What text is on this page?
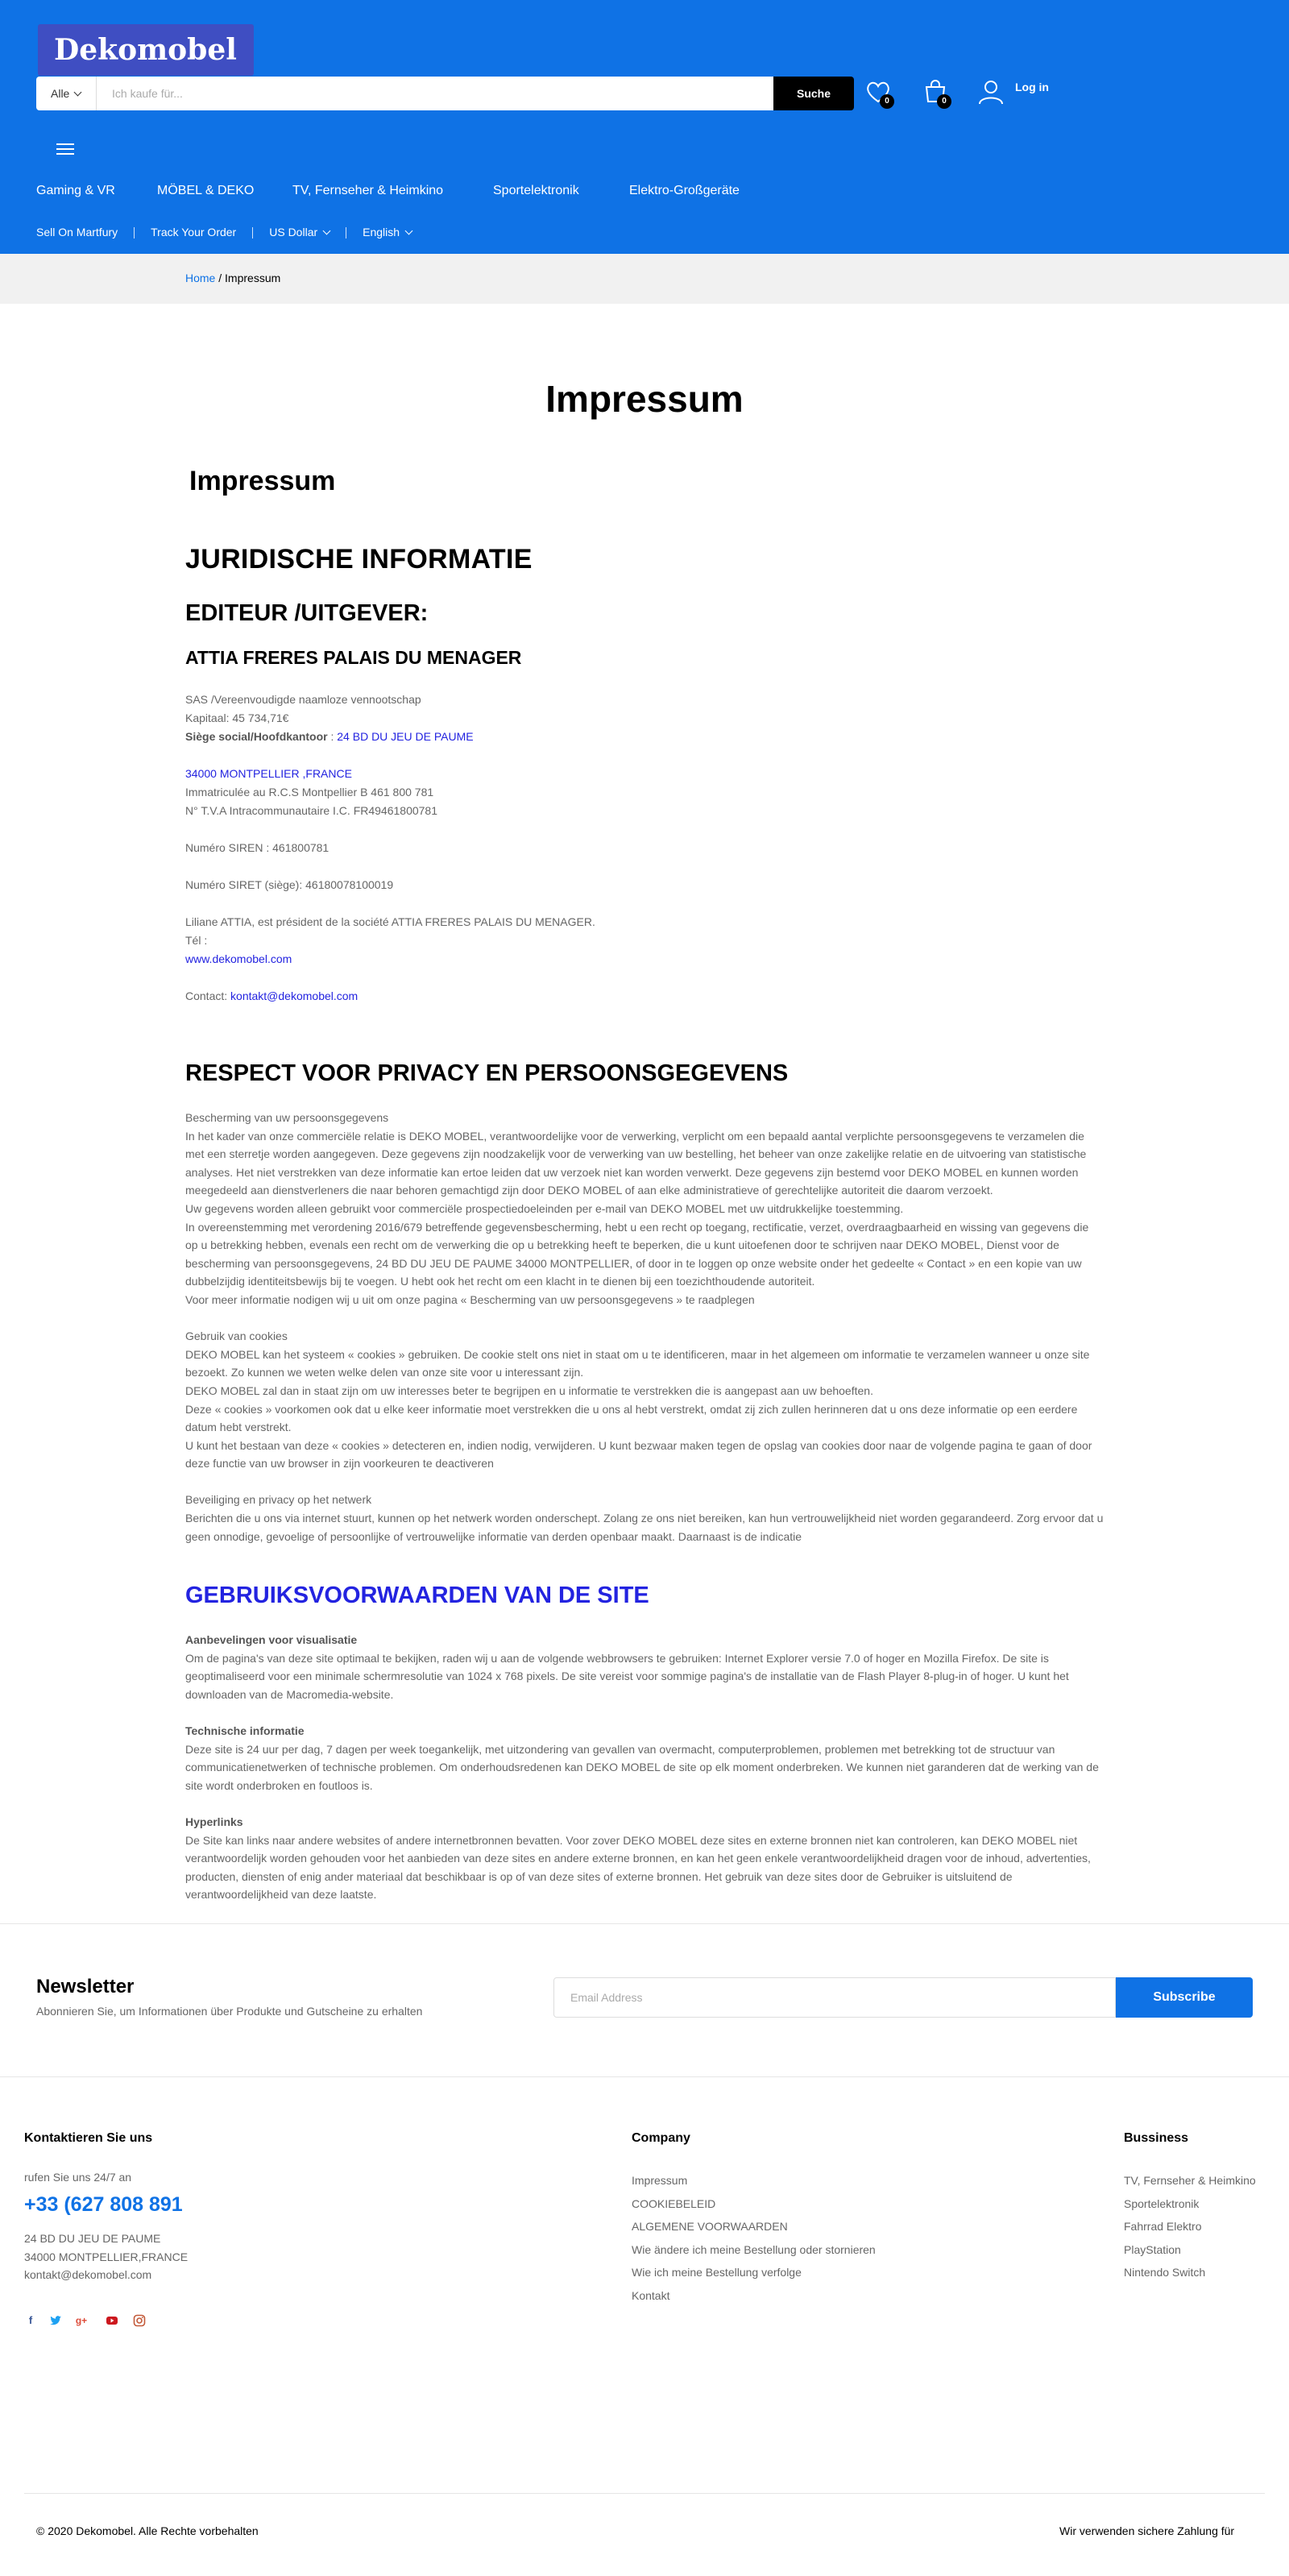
Dekomobel
Alle
Ich kaufe für...	Suche
0	0
Log in
Gaming & VR	MÖBEL & DEKO	TV, Fernseher & Heimkino	Sportelektronik	Elektro-Großgeräte
Sell On Martfury	Track Your Order	US Dollar	English
Home / Impressum
Impressum
Impressum
JURIDISCHE INFORMATIE
EDITEUR /UITGEVER:
ATTIA FRERES PALAIS DU MENAGER
SAS /Vereenvoudigde naamloze vennootschap
Kapitaal: 45 734,71€
Siège social/Hoofdkantoor : 24 BD DU JEU DE PAUME
34000 MONTPELLIER ,FRANCE
Immatriculée au R.C.S Montpellier B 461 800 781
N° T.V.A Intracommunautaire I.C. FR49461800781
Numéro SIREN : 461800781
Numéro SIRET (siège): 46180078100019
Liliane ATTIA, est président de la société ATTIA FRERES PALAIS DU MENAGER.
Tél :
www.dekomobel.com
Contact: kontakt@dekomobel.com
RESPECT VOOR PRIVACY EN PERSOONSGEGEVENS
Bescherming van uw persoonsgegevens
In het kader van onze commerciële relatie is DEKO MOBEL, verantwoordelijke voor de verwerking, verplicht om een bepaald aantal verplichte persoonsgegevens te verzamelen die met een sterretje worden aangegeven. Deze gegevens zijn noodzakelijk voor de verwerking van uw bestelling, het beheer van onze zakelijke relatie en de uitvoering van statistische analyses. Het niet verstrekken van deze informatie kan ertoe leiden dat uw verzoek niet kan worden verwerkt. Deze gegevens zijn bestemd voor DEKO MOBEL en kunnen worden meegedeeld aan dienstverleners die naar behoren gemachtigd zijn door DEKO MOBEL of aan elke administratieve of gerechtelijke autoriteit die daarom verzoekt.
Uw gegevens worden alleen gebruikt voor commerciële prospectiedoeleinden per e-mail van DEKO MOBEL met uw uitdrukkelijke toestemming.
In overeenstemming met verordening 2016/679 betreffende gegevensbescherming, hebt u een recht op toegang, rectificatie, verzet, overdraagbaarheid en wissing van gegevens die op u betrekking hebben, evenals een recht om de verwerking die op u betrekking heeft te beperken, die u kunt uitoefenen door te schrijven naar DEKO MOBEL, Dienst voor de bescherming van persoonsgegevens, 24 BD DU JEU DE PAUME 34000 MONTPELLIER, of door in te loggen op onze website onder het gedeelte « Contact » en een kopie van uw dubbelzijdig identiteitsbewijs bij te voegen. U hebt ook het recht om een klacht in te dienen bij een toezichthoudende autoriteit.
Voor meer informatie nodigen wij u uit om onze pagina « Bescherming van uw persoonsgegevens » te raadplegen
Gebruik van cookies
DEKO MOBEL kan het systeem « cookies » gebruiken. De cookie stelt ons niet in staat om u te identificeren, maar in het algemeen om informatie te verzamelen wanneer u onze site bezoekt. Zo kunnen we weten welke delen van onze site voor u interessant zijn.
DEKO MOBEL zal dan in staat zijn om uw interesses beter te begrijpen en u informatie te verstrekken die is aangepast aan uw behoeften.
Deze « cookies » voorkomen ook dat u elke keer informatie moet verstrekken die u ons al hebt verstrekt, omdat zij zich zullen herinneren dat u ons deze informatie op een eerdere datum hebt verstrekt.
U kunt het bestaan van deze « cookies » detecteren en, indien nodig, verwijderen. U kunt bezwaar maken tegen de opslag van cookies door naar de volgende pagina te gaan of door deze functie van uw browser in zijn voorkeuren te deactiveren
Beveiliging en privacy op het netwerk
Berichten die u ons via internet stuurt, kunnen op het netwerk worden onderschept. Zolang ze ons niet bereiken, kan hun vertrouwelijkheid niet worden gegarandeerd. Zorg ervoor dat u geen onnodige, gevoelige of persoonlijke of vertrouwelijke informatie van derden openbaar maakt. Daarnaast is de indicatie
GEBRUIKSVOORWAARDEN VAN DE SITE
Aanbevelingen voor visualisatie
Om de pagina's van deze site optimaal te bekijken, raden wij u aan de volgende webbrowsers te gebruiken: Internet Explorer versie 7.0 of hoger en Mozilla Firefox. De site is geoptimaliseerd voor een minimale schermresolutie van 1024 x 768 pixels. De site vereist voor sommige pagina's de installatie van de Flash Player 8-plug-in of hoger. U kunt het downloaden van de Macromedia-website.
Technische informatie
Deze site is 24 uur per dag, 7 dagen per week toegankelijk, met uitzondering van gevallen van overmacht, computerproblemen, problemen met betrekking tot de structuur van communicatienetwerken of technische problemen. Om onderhoudsredenen kan DEKO MOBEL de site op elk moment onderbreken. We kunnen niet garanderen dat de werking van de site wordt onderbroken en foutloos is.
Hyperlinks
De Site kan links naar andere websites of andere internetbronnen bevatten. Voor zover DEKO MOBEL deze sites en externe bronnen niet kan controleren, kan DEKO MOBEL niet verantwoordelijk worden gehouden voor het aanbieden van deze sites en andere externe bronnen, en kan het geen enkele verantwoordelijkheid dragen voor de inhoud, advertenties, producten, diensten of enig ander materiaal dat beschikbaar is op of van deze sites of externe bronnen. Het gebruik van deze sites door de Gebruiker is uitsluitend de verantwoordelijkheid van deze laatste.
Newsletter
Abonnieren Sie, um Informationen über Produkte und Gutscheine zu erhalten
Email Address
Subscribe
Kontaktieren Sie uns
rufen Sie uns 24/7 an
+33 (627 808 891
24 BD DU JEU DE PAUME
34000 MONTPELLIER,FRANCE
kontakt@dekomobel.com
f	g+
Company
Impressum
COOKIEBELEID
ALGEMENE VOORWAARDEN
Wie ändere ich meine Bestellung oder stornieren
Wie ich meine Bestellung verfolge
Kontakt
Bussiness
TV, Fernseher & Heimkino
Sportelektronik
Fahrrad Elektro
PlayStation
Nintendo Switch
© 2020 Dekomobel. Alle Rechte vorbehalten	Wir verwenden sichere Zahlung für
